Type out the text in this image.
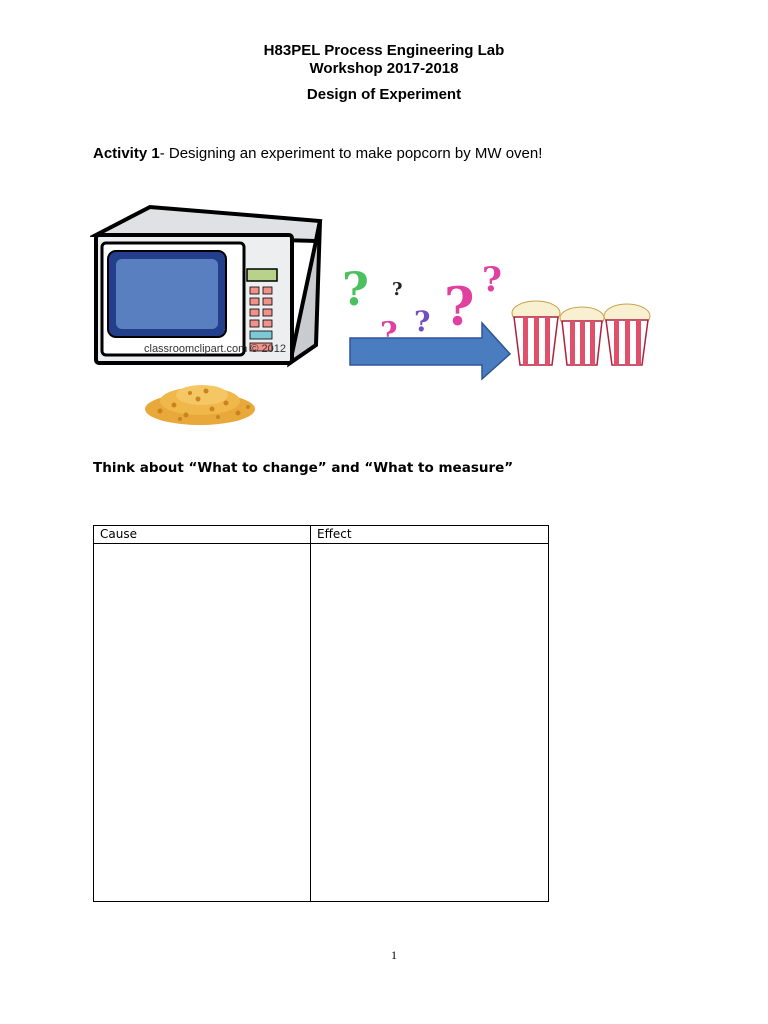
H83PEL Process Engineering Lab
Workshop 2017-2018
Design of Experiment
Activity 1- Designing an experiment to make popcorn by MW oven!
? ?
? ? ? ?
classroomclipart.com © 2012
Think about “What to change” and “What to measure”
Cause	Effect

1
